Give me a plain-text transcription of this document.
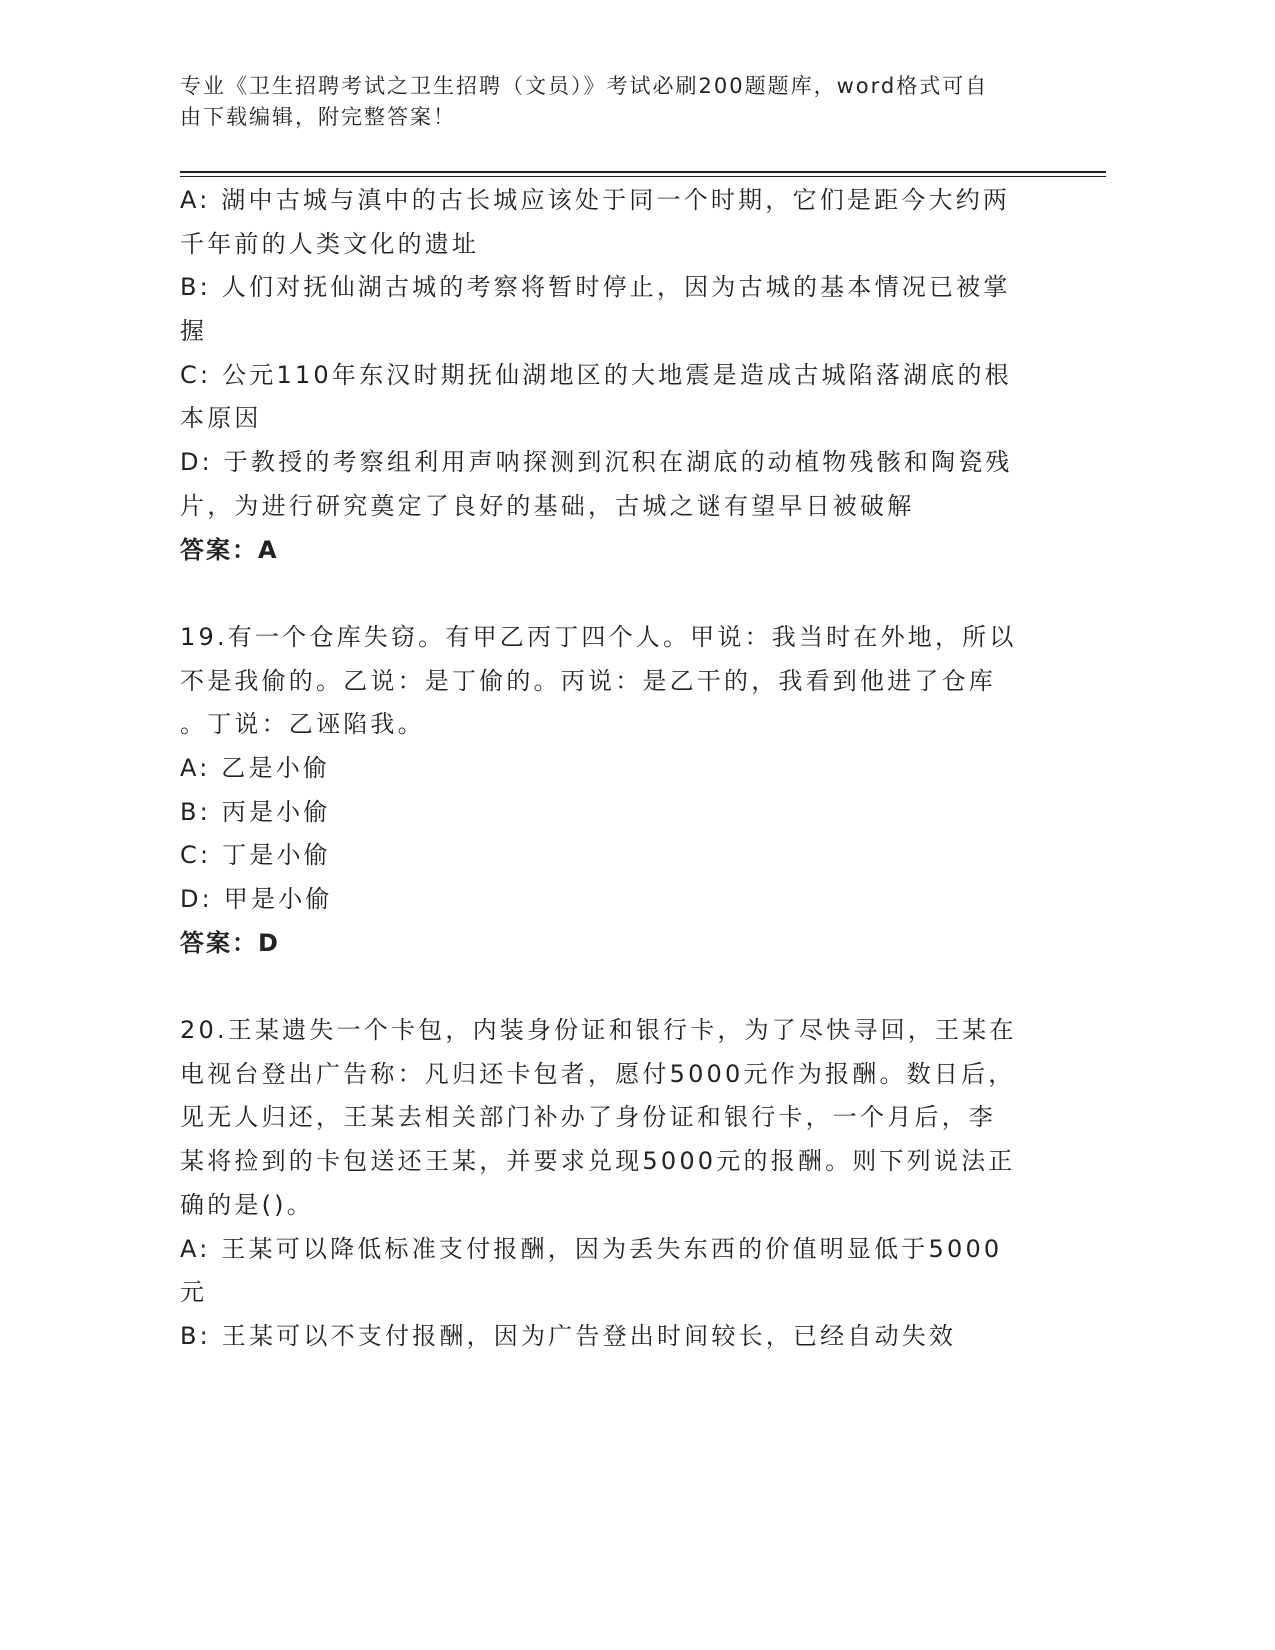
专业《卫生招聘考试之卫生招聘（文员）》考试必刷200题题库，word格式可自
由下载编辑，附完整答案！
A: 湖中古城与滇中的古长城应该处于同一个时期，它们是距今大约两
千年前的人类文化的遗址
B: 人们对抚仙湖古城的考察将暂时停止，因为古城的基本情况已被掌
握
C: 公元110年东汉时期抚仙湖地区的大地震是造成古城陷落湖底的根
本原因
D: 于教授的考察组利用声呐探测到沉积在湖底的动植物残骸和陶瓷残
片，为进行研究奠定了良好的基础，古城之谜有望早日被破解
答案：A
19.有一个仓库失窃。有甲乙丙丁四个人。甲说：我当时在外地，所以
不是我偷的。乙说：是丁偷的。丙说：是乙干的，我看到他进了仓库
。丁说：乙诬陷我。
A: 乙是小偷
B: 丙是小偷
C: 丁是小偷
D: 甲是小偷
答案：D
20.王某遗失一个卡包，内装身份证和银行卡，为了尽快寻回，王某在
电视台登出广告称：凡归还卡包者，愿付5000元作为报酬。数日后，
见无人归还，王某去相关部门补办了身份证和银行卡，一个月后，李
某将捡到的卡包送还王某，并要求兑现5000元的报酬。则下列说法正
确的是()。
A: 王某可以降低标准支付报酬，因为丢失东西的价值明显低于5000
元
B: 王某可以不支付报酬，因为广告登出时间较长，已经自动失效
